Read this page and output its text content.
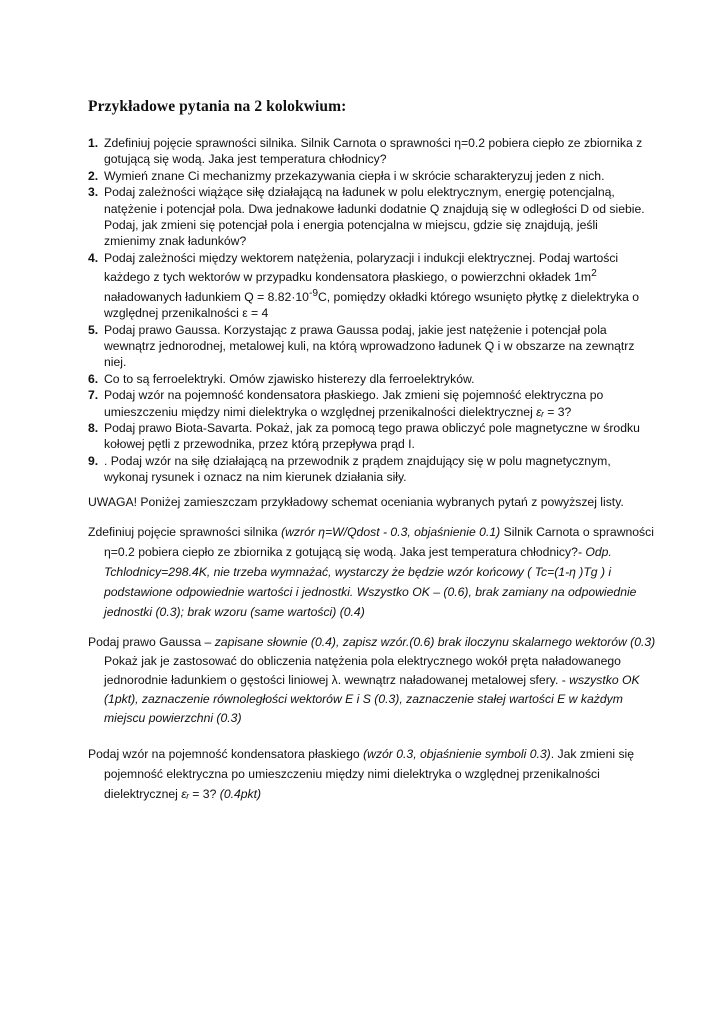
Przykładowe pytania na 2 kolokwium:

1. Zdefiniuj pojęcie sprawności silnika. Silnik Carnota o sprawności η=0.2 pobiera ciepło ze zbiornika z gotującą się wodą. Jaka jest temperatura chłodnicy?

2. Wymień znane Ci mechanizmy przekazywania ciepła i w skrócie scharakteryzuj jeden z nich.

3. Podaj zależności wiążące siłę działającą na ładunek w polu elektrycznym, energię potencjalną, natężenie i potencjał pola. Dwa jednakowe ładunki dodatnie Q znajdują się w odległości D od siebie. Podaj, jak zmieni się potencjał pola i energia potencjalna w miejscu, gdzie się znajdują, jeśli zmienimy znak ładunków?

4. Podaj zależności między wektorem natężenia, polaryzacji i indukcji elektrycznej. Podaj wartości każdego z tych wektorów w przypadku kondensatora płaskiego, o powierzchni okładek $1m^2$ naładowanych ładunkiem $Q = 8.82\cdot 10^{-9}C$, pomiędzy okładki którego wsunięto płytkę z dielektryka o względnej przenikalności ε = 4

5. Podaj prawo Gaussa. Korzystając z prawa Gaussa podaj, jakie jest natężenie i potencjał pola wewnątrz jednorodnej, metalowej kuli, na którą wprowadzono ładunek Q i w obszarze na zewnątrz niej.

6. Co to są ferroelektryki. Omów zjawisko histerezy dla ferroelektryków.

7. Podaj wzór na pojemność kondensatora płaskiego. Jak zmieni się pojemność elektryczna po umieszczeniu między nimi dielektryka o względnej przenikalności dielektrycznej εᵣ = 3?

8. Podaj prawo Biota-Savarta. Pokaż, jak za pomocą tego prawa obliczyć pole magnetyczne w środku kołowej pętli z przewodnika, przez którą przepływa prąd I.

9. . Podaj wzór na siłę działającą na przewodnik z prądem znajdujący się w polu magnetycznym, wykonaj rysunek i oznacz na nim kierunek działania siły.

UWAGA! Poniżej zamieszczam przykładowy schemat oceniania wybranych pytań z powyższej listy.
Zdefiniuj pojęcie sprawności silnika (wzrór η=W/Qdost - 0.3, objaśnienie 0.1) Silnik Carnota o sprawności η=0.2 pobiera ciepło ze zbiornika z gotującą się wodą. Jaka jest temperatura chłodnicy?- Odp. Tchlodnicy=298.4K, nie trzeba wymnażać, wystarczy że będzie wzór końcowy ( Tc=(1-η )Tg ) i podstawione odpowiednie wartości i jednostki. Wszystko OK – (0.6), brak zamiany na odpowiednie jednostki (0.3); brak wzoru (same wartości) (0.4)
Podaj prawo Gaussa – zapisane słownie (0.4), zapisz wzór.(0.6) brak iloczynu skalarnego wektorów (0.3) Pokaż jak je zastosować do obliczenia natężenia pola elektrycznego wokół pręta naładowanego jednorodnie ładunkiem o gęstości liniowej λ. wewnątrz naładowanej metalowej sfery. - wszystko OK (1pkt), zaznaczenie równoległości wektorów E i S (0.3), zaznaczenie stałej wartości E w każdym miejscu powierzchni (0.3)
Podaj wzór na pojemność kondensatora płaskiego (wzór 0.3, objaśnienie symboli 0.3). Jak zmieni się pojemność elektryczna po umieszczeniu między nimi dielektryka o względnej przenikalności dielektrycznej εᵣ = 3? (0.4pkt)
